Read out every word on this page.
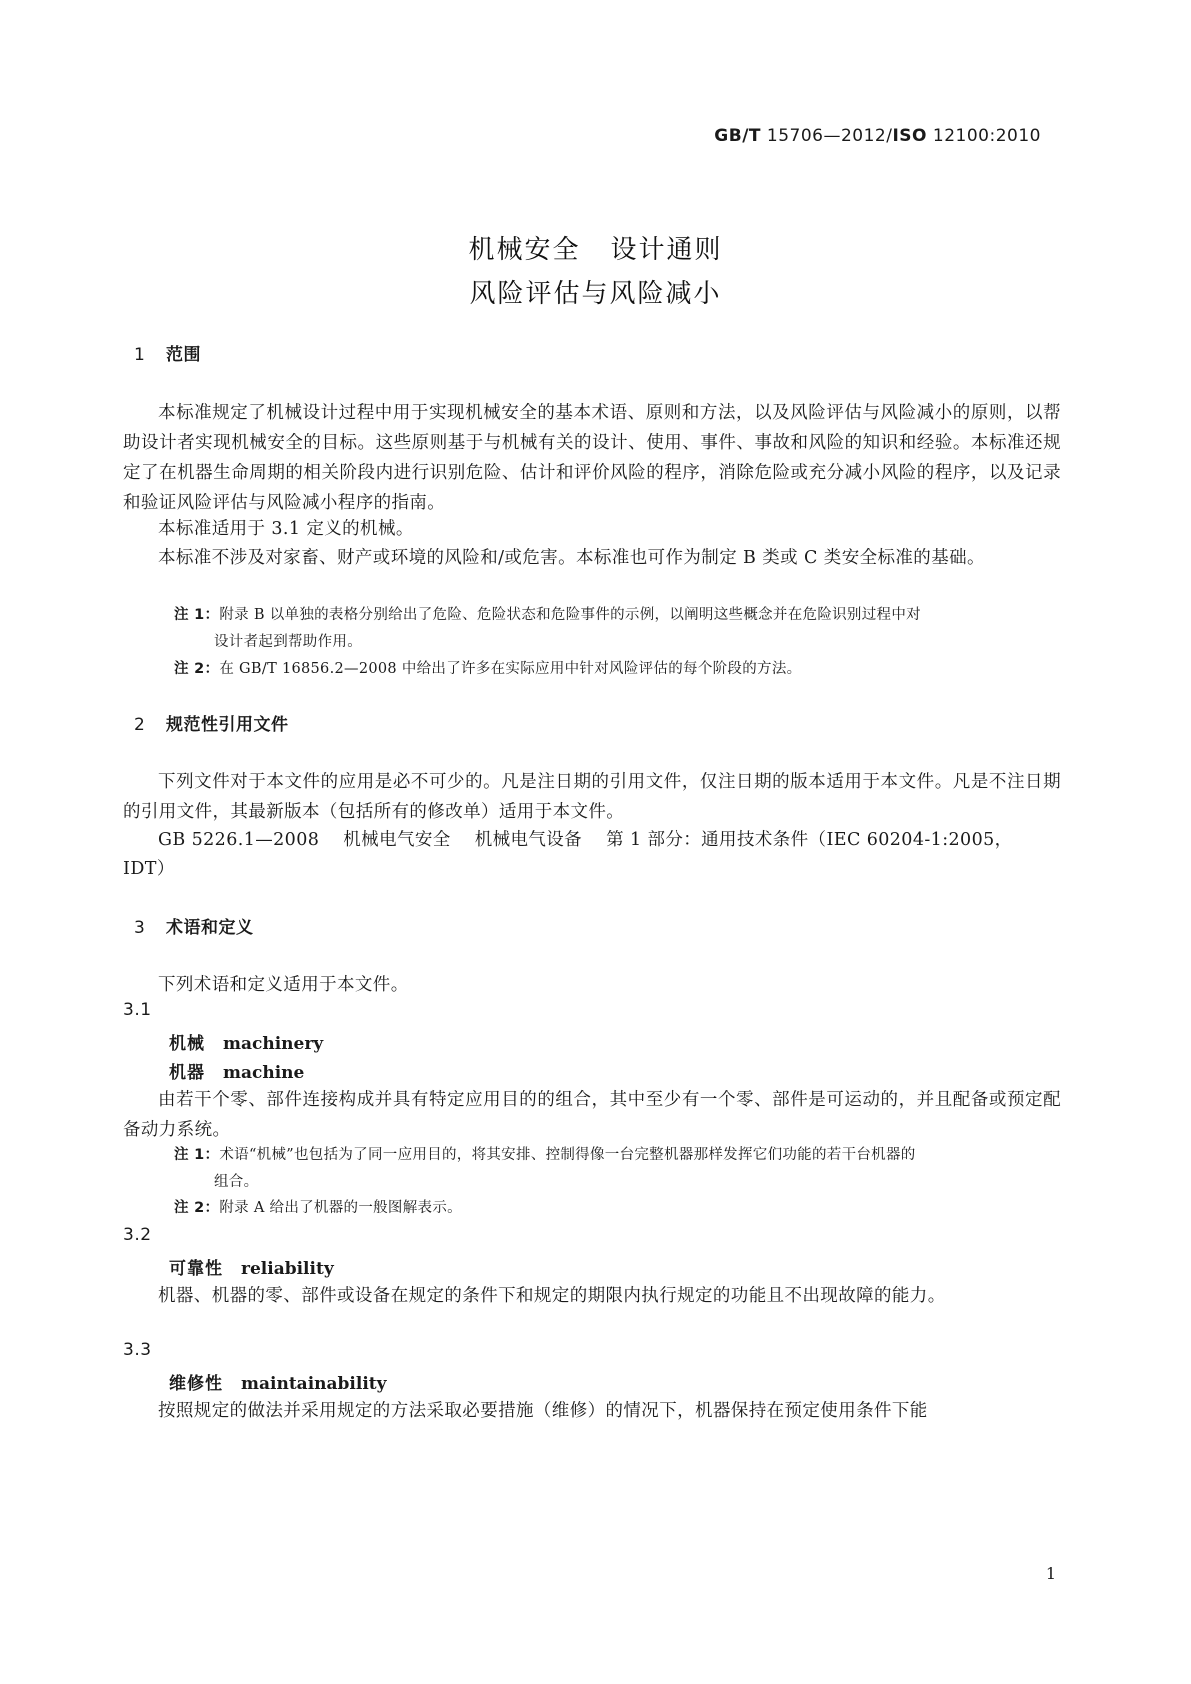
GB/T 15706—2012/ISO 12100:2010
机械安全 设计通则
风险评估与风险减小
1 范围
本标准规定了机械设计过程中用于实现机械安全的基本术语、原则和方法，以及风险评估与风险减小的原则，以帮助设计者实现机械安全的目标。这些原则基于与机械有关的设计、使用、事件、事故和风险的知识和经验。本标准还规定了在机器生命周期的相关阶段内进行识别危险、估计和评价风险的程序，消除危险或充分减小风险的程序，以及记录和验证风险评估与风险减小程序的指南。
本标准适用于 3.1 定义的机械。
本标准不涉及对家畜、财产或环境的风险和/或危害。本标准也可作为制定 B 类或 C 类安全标准的基础。
注 1：附录 B 以单独的表格分别给出了危险、危险状态和危险事件的示例，以阐明这些概念并在危险识别过程中对
设计者起到帮助作用。
注 2：在 GB/T 16856.2—2008 中给出了许多在实际应用中针对风险评估的每个阶段的方法。
2 规范性引用文件
下列文件对于本文件的应用是必不可少的。凡是注日期的引用文件，仅注日期的版本适用于本文件。凡是不注日期的引用文件，其最新版本（包括所有的修改单）适用于本文件。
GB 5226.1—2008 机械电气安全 机械电气设备 第 1 部分：通用技术条件（IEC 60204-1:2005，
IDT）
3 术语和定义
下列术语和定义适用于本文件。
3.1
机械 machinery
机器 machine
由若干个零、部件连接构成并具有特定应用目的的组合，其中至少有一个零、部件是可运动的，并且配备或预定配备动力系统。
注 1：术语“机械”也包括为了同一应用目的，将其安排、控制得像一台完整机器那样发挥它们功能的若干台机器的
组合。
注 2：附录 A 给出了机器的一般图解表示。
3.2
可靠性 reliability
机器、机器的零、部件或设备在规定的条件下和规定的期限内执行规定的功能且不出现故障的能力。
3.3
维修性 maintainability
按照规定的做法并采用规定的方法采取必要措施（维修）的情况下，机器保持在预定使用条件下能
1
